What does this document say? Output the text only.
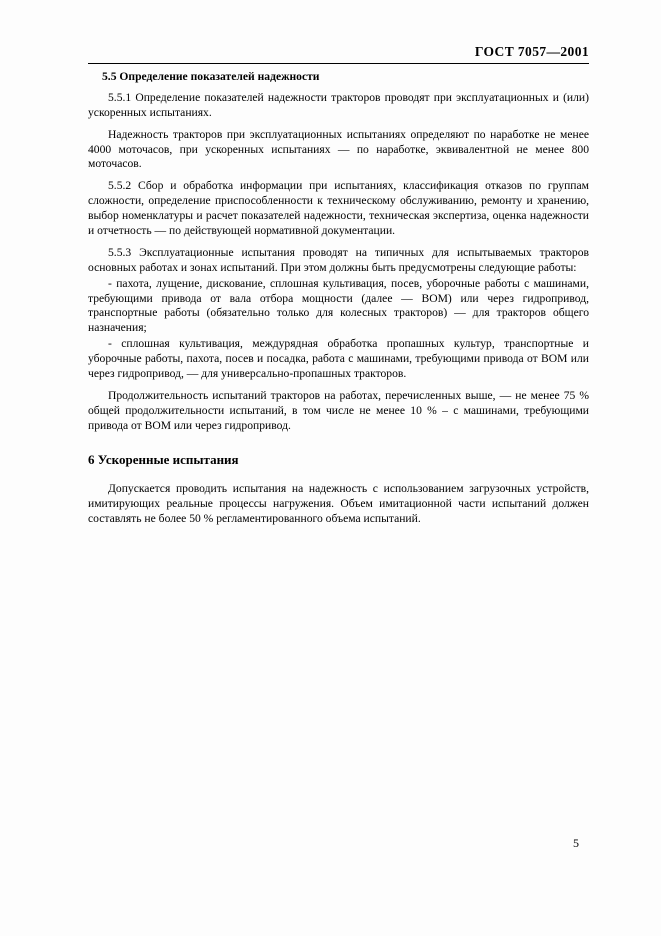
ГОСТ 7057—2001
5.5 Определение показателей надежности

5.5.1 Определение показателей надежности тракторов проводят при эксплуатационных и (или) ускоренных испытаниях.

Надежность тракторов при эксплуатационных испытаниях определяют по наработке не менее 4000 моточасов, при ускоренных испытаниях — по наработке, эквивалентной не менее 800 моточасов.

5.5.2 Сбор и обработка информации при испытаниях, классификация отказов по группам сложности, определение приспособленности к техническому обслуживанию, ремонту и хранению, выбор номенклатуры и расчет показателей надежности, техническая экспертиза, оценка надежности и отчетность — по действующей нормативной документации.

5.5.3 Эксплуатационные испытания проводят на типичных для испытываемых тракторов основных работах и зонах испытаний. При этом должны быть предусмотрены следующие работы:

- пахота, лущение, дискование, сплошная культивация, посев, уборочные работы с машинами, требующими привода от вала отбора мощности (далее — ВОМ) или через гидропривод, транспортные работы (обязательно только для колесных тракторов) — для тракторов общего назначения;

- сплошная культивация, междурядная обработка пропашных культур, транспортные и уборочные работы, пахота, посев и посадка, работа с машинами, требующими привода от ВОМ или через гидропривод, — для универсально-пропашных тракторов.

Продолжительность испытаний тракторов на работах, перечисленных выше, — не менее 75 % общей продолжительности испытаний, в том числе не менее 10 % – с машинами, требующими привода от ВОМ или через гидропривод.

6 Ускоренные испытания

Допускается проводить испытания на надежность с использованием загрузочных устройств, имитирующих реальные процессы нагружения. Объем имитационной части испытаний должен составлять не более 50 % регламентированного объема испытаний.

5
